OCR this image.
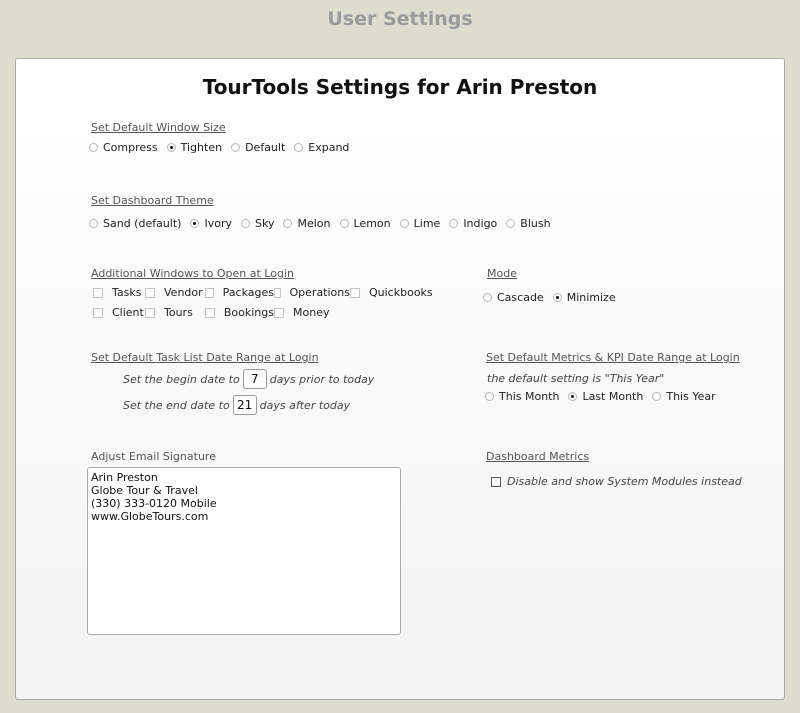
User Settings
TourTools Settings for Arin Preston
Set Default Window Size
Compress Tighten Default Expand
Set Dashboard Theme
Sand (default) Ivory Sky Melon Lemon Lime Indigo Blush
Additional Windows to Open at Login
Tasks Vendor Packages Operations Quickbooks
Client Tours	Bookings Money
Mode
Cascade Minimize
Set Default Task List Date Range at Login
Set the begin date to 7	days prior to today
Set the end date to 21 days after today
Set Default Metrics & KPI Date Range at Login
the default setting is "This Year"
This Month Last Month This Year
Adjust Email Signature
Arin Preston
Globe Tour & Travel
(330) 333-0120 Mobile
www.GlobeTours.com
Dashboard Metrics
Disable and show System Modules instead
